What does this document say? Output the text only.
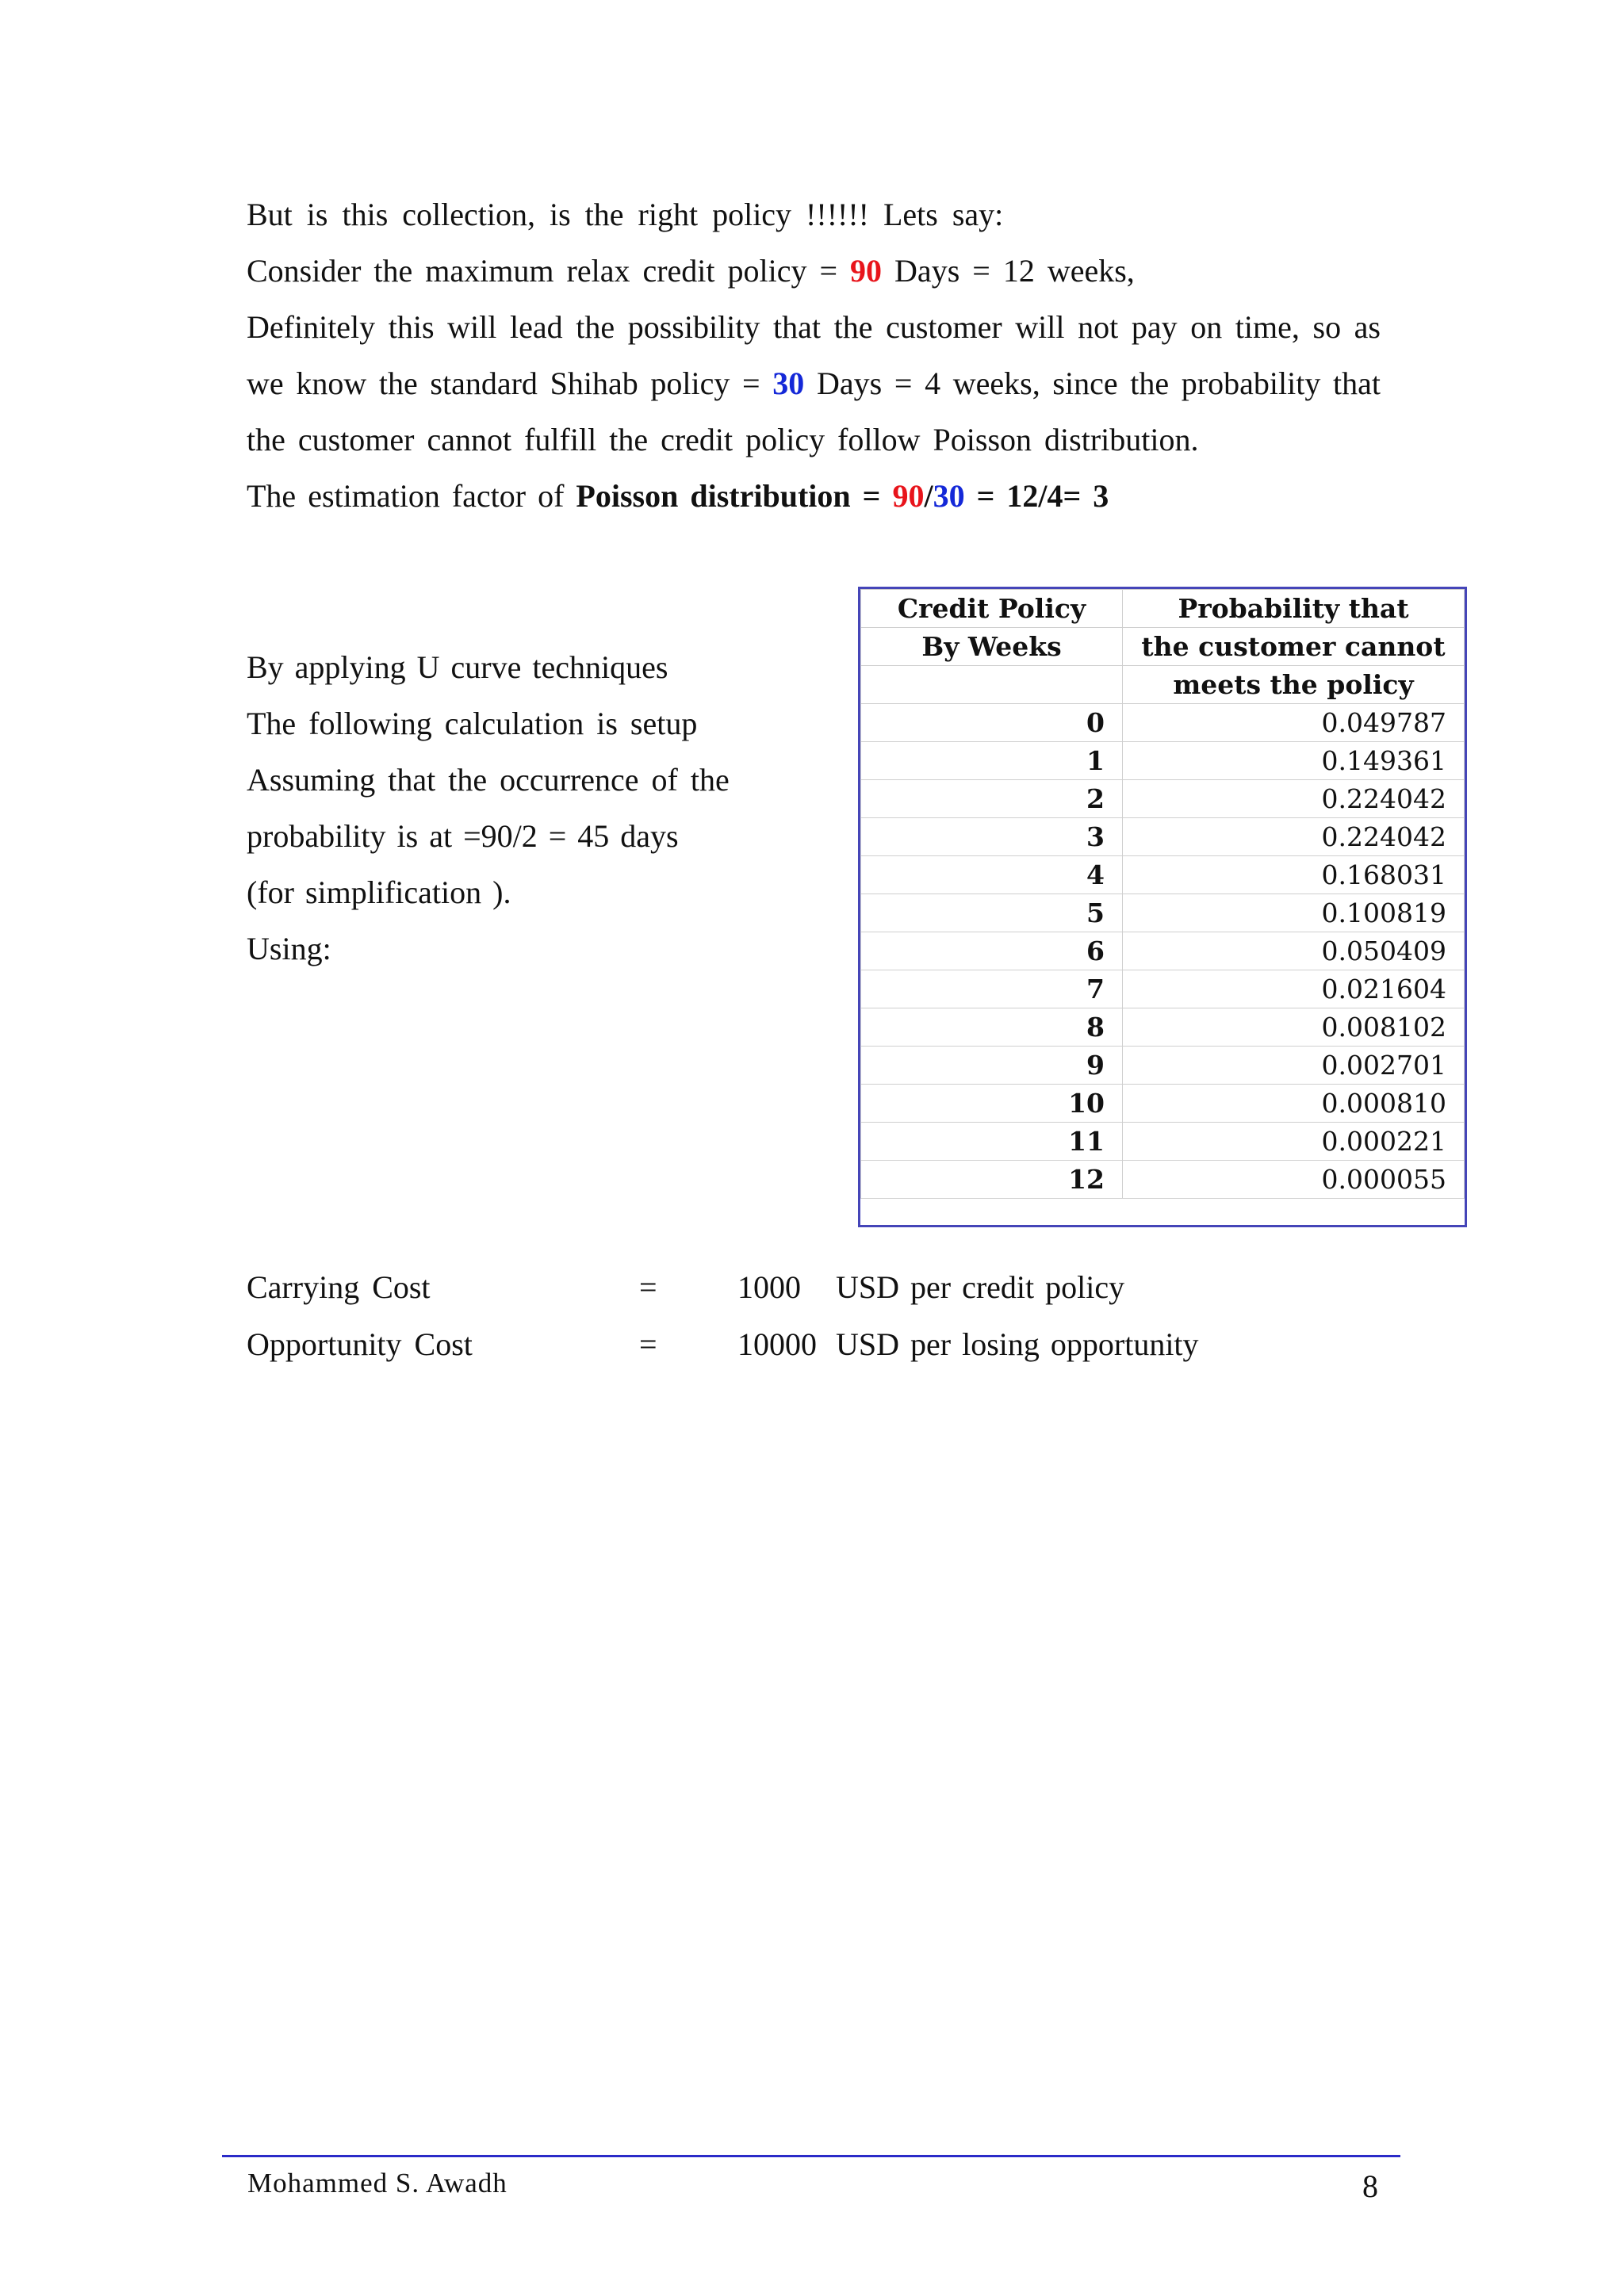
But is this collection, is the right policy !!!!!! Lets say:
Consider the maximum relax credit policy = 90 Days = 12 weeks,
Definitely this will lead the possibility that the customer will not pay on time, so as
we know the standard Shihab policy = 30 Days = 4 weeks, since the probability that
the customer cannot fulfill the credit policy follow Poisson distribution.
The estimation factor of Poisson distribution = 90/30 = 12/4= 3
By applying U curve techniques
The following calculation is setup
Assuming that the occurrence of the
probability is at =90/2 = 45 days
(for simplification ).
Using:
Credit Policy	Probability that
By Weeks	the customer cannot
	meets the policy
0	0.049787
1	0.149361
2	0.224042
3	0.224042
4	0.168031
5	0.100819
6	0.050409
7	0.021604
8	0.008102
9	0.002701
10	0.000810
11	0.000221
12	0.000055
Carrying Cost	=	1000 USD per credit policy
Opportunity Cost	=	10000 USD per losing opportunity
Mohammed S. Awadh	8
